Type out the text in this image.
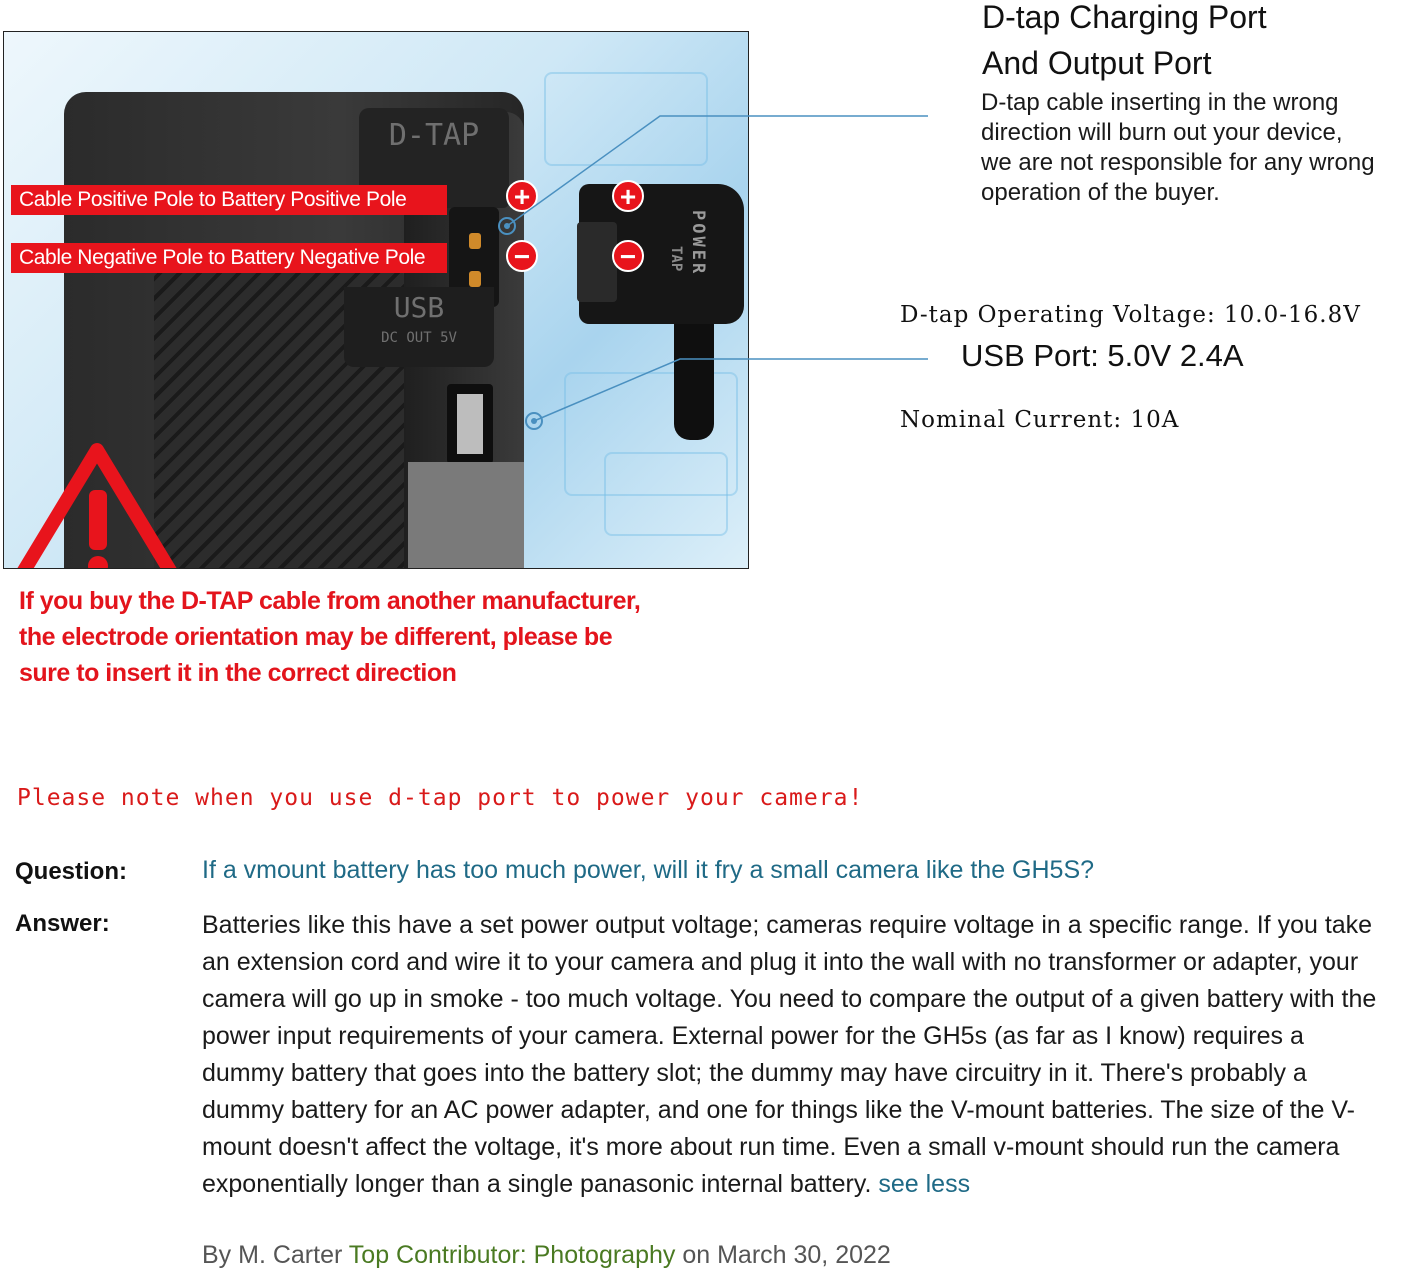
D-TAP
USB
DC OUT 5V
POWER
TAP
Cable Positive Pole to Battery Positive Pole
Cable Negative Pole to Battery Negative Pole
+
−
+
−
D-tap Charging Port
And Output Port
D-tap cable inserting in the wrong
direction will burn out your device,
we are not responsible for any wrong
operation of the buyer.

D-tap Operating Voltage: 10.0-16.8V

Nominal Current: 10A

USB Port: 5.0V 2.4A
If you buy the D-TAP cable from another manufacturer,
the electrode orientation may be different, please be
sure to insert it in the correct direction
Please note when you use d-tap port to power your camera!
Question:	If a vmount battery has too much power, will it fry a small camera like the GH5S?
Answer:	Batteries like this have a set power output voltage; cameras require voltage in a specific range. If you take an extension cord and wire it to your camera and plug it into the wall with no transformer or adapter, your camera will go up in smoke - too much voltage. You need to compare the output of a given battery with the power input requirements of your camera. External power for the GH5s (as far as I know) requires a dummy battery that goes into the battery slot; the dummy may have circuitry in it. There's probably a dummy battery for an AC power adapter, and one for things like the V-mount batteries. The size of the V-mount doesn't affect the voltage, it's more about run time. Even a small v-mount should run the camera exponentially longer than a single panasonic internal battery. see less
By M. Carter Top Contributor: Photography on March 30, 2022
